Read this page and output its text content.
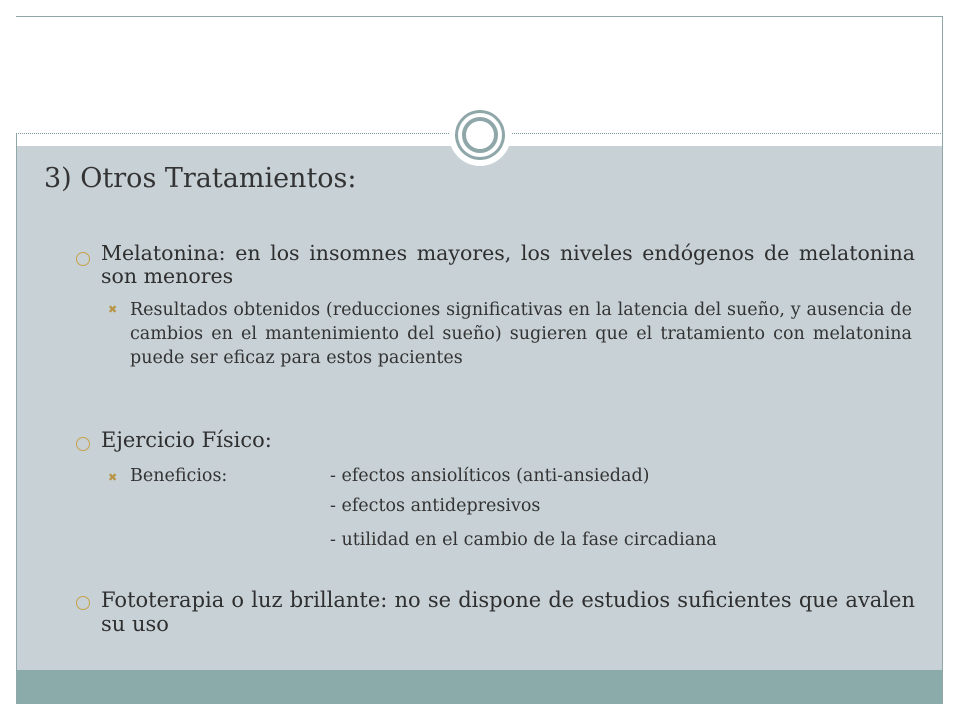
3) Otros Tratamientos:
Melatonina: en los insomnes mayores, los niveles endógenos de melatonina son menores
✖ Resultados obtenidos (reducciones significativas en la latencia del sueño, y ausencia de cambios en el mantenimiento del sueño) sugieren que el tratamiento con melatonina puede ser eficaz para estos pacientes
Ejercicio Físico:
✖ Beneficios:	- efectos ansiolíticos (anti-ansiedad)
- efectos antidepresivos
- utilidad en el cambio de la fase circadiana
Fototerapia o luz brillante: no se dispone de estudios suficientes que avalen su uso
